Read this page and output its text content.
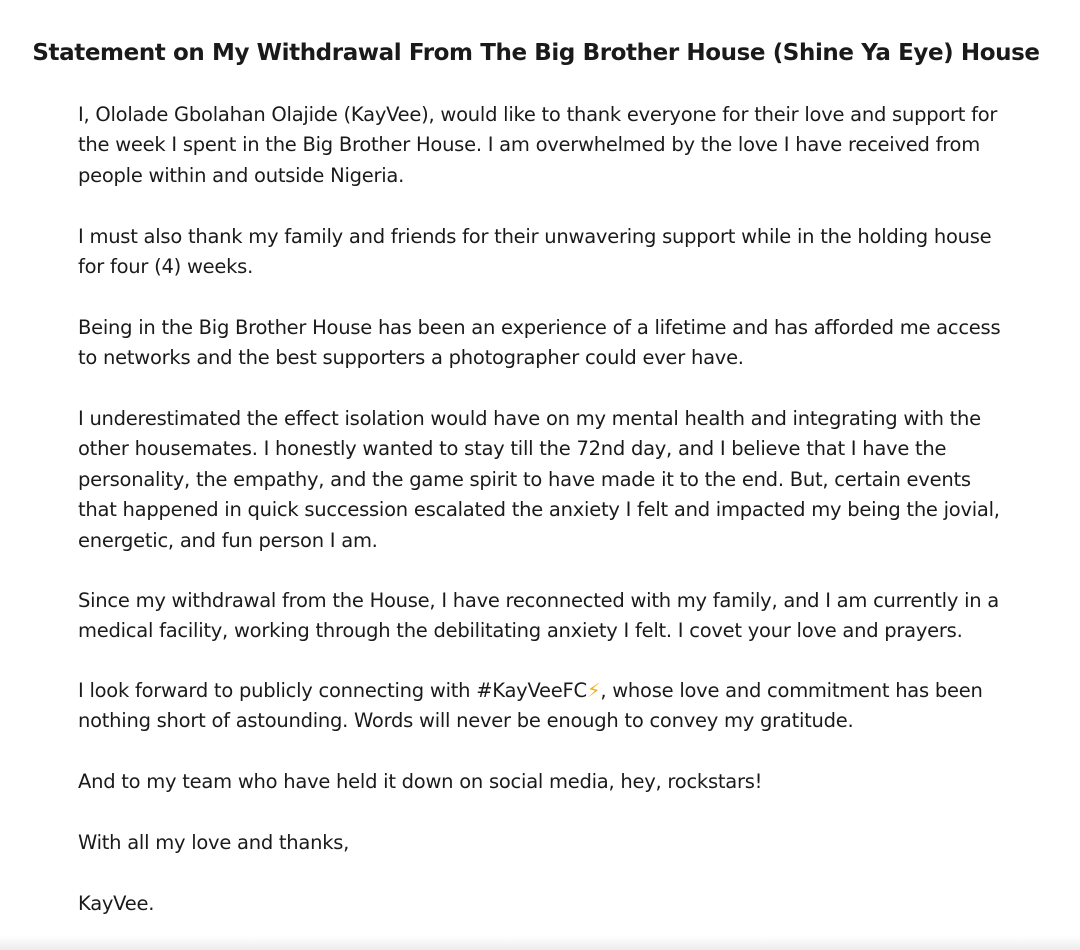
Statement on My Withdrawal From The Big Brother House (Shine Ya Eye) House

I, Ololade Gbolahan Olajide (KayVee), would like to thank everyone for their love and support for the week I spent in the Big Brother House. I am overwhelmed by the love I have received from people within and outside Nigeria.

I must also thank my family and friends for their unwavering support while in the holding house for four (4) weeks.

Being in the Big Brother House has been an experience of a lifetime and has afforded me access to networks and the best supporters a photographer could ever have.

I underestimated the effect isolation would have on my mental health and integrating with the other housemates. I honestly wanted to stay till the 72nd day, and I believe that I have the personality, the empathy, and the game spirit to have made it to the end. But, certain events that happened in quick succession escalated the anxiety I felt and impacted my being the jovial, energetic, and fun person I am.

Since my withdrawal from the House, I have reconnected with my family, and I am currently in a medical facility, working through the debilitating anxiety I felt. I covet your love and prayers.

I look forward to publicly connecting with #KayVeeFC⚡, whose love and commitment has been nothing short of astounding. Words will never be enough to convey my gratitude.

And to my team who have held it down on social media, hey, rockstars!

With all my love and thanks,

KayVee.
